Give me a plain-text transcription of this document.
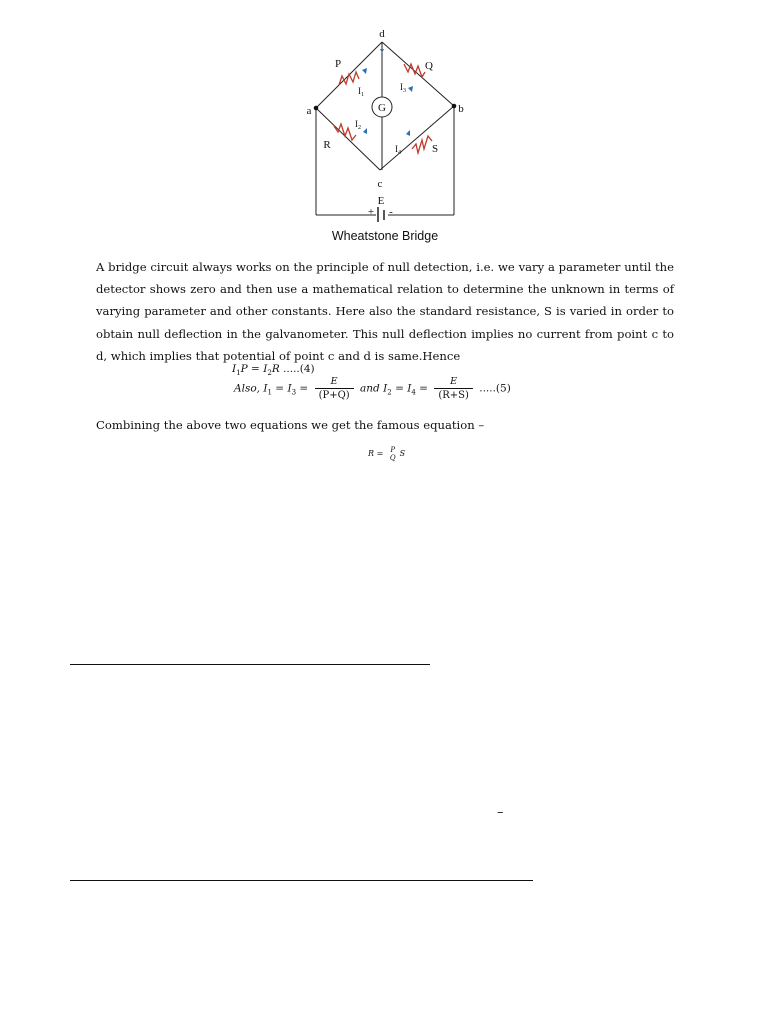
G
d
a	b
c
P	Q
R	S
$I_1$
$I_3$
$I_2$
$I_4$
E
+ -
Wheatstone Bridge

A bridge circuit always works on the principle of null detection, i.e. we vary a parameter until the detector shows zero and then use a mathematical relation to determine the unknown in terms of varying parameter and other constants. Here also the standard resistance, S is varied in order to obtain null deflection in the galvanometer. This null deflection implies no current from point c to d, which implies that potential of point c and d is same.Hence

$I_1P = I_2R$ .....(4)
Also, $I_1 = I_3 = \frac{E}{(P+Q)}$ and $I_2 = I_4 = \frac{E}{(R+S)} .....(5)$
Combining the above two equations we get the famous equation –
R = P
Q S
–
